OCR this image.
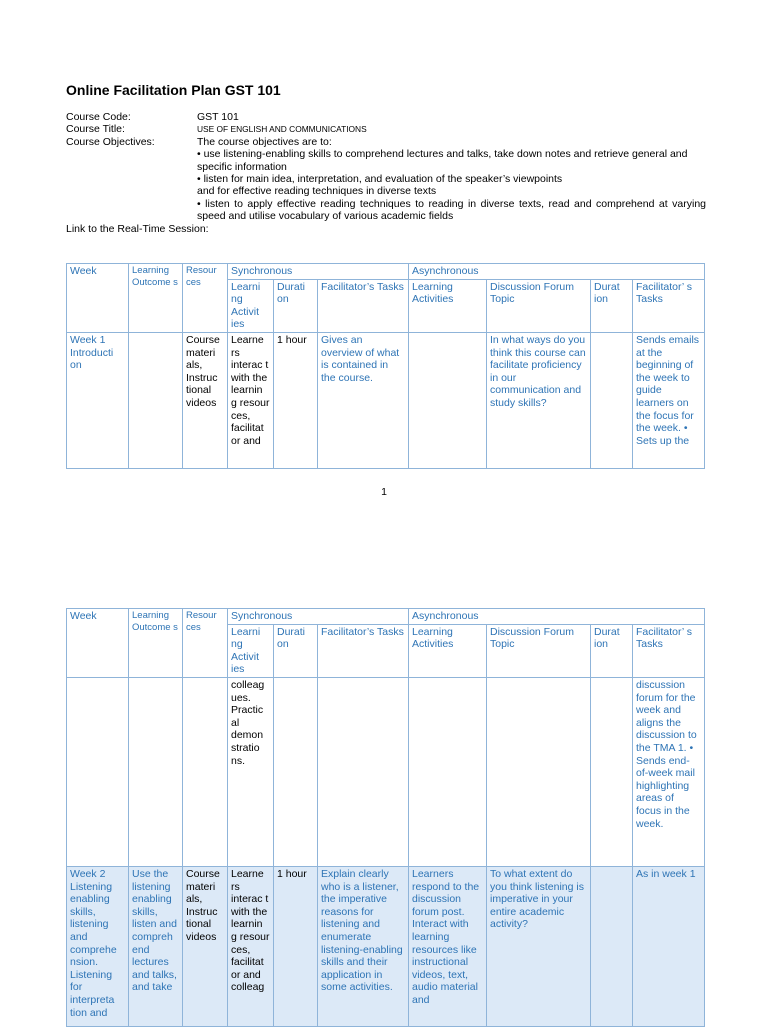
Online Facilitation Plan GST 101
Course Code:	GST 101
Course Title:	USE OF ENGLISH AND COMMUNICATIONS
Course Objectives:	The course objectives are to:
• use listening-enabling skills to comprehend lectures and talks, take down notes and retrieve general and specific information
• listen for main idea, interpretation, and evaluation of the speaker’s viewpoints
and for effective reading techniques in diverse texts
• listen to apply effective reading techniques to reading in diverse texts, read and comprehend at varying speed and utilise vocabulary of various academic fields
Link to the Real-Time Session:
Week	Learning Outcome s	Resour ces	Synchronous			Asynchronous			
			Learni ng Activit ies	Durati on	Facilitator’s Tasks	Learning Activities	Discussion Forum Topic	Durat ion	Facilitator’ s Tasks
Week 1 Introducti on		Course materi als, Instruc tional videos	Learne rs interac t with the learnin g resour ces, facilitat or and	1 hour	Gives an overview of what is contained in the course.		In what ways do you think this course can facilitate proficiency in our communication and study skills?		Sends emails at the beginning of the week to guide learners on the focus for the week. • Sets up the
1
Week	Learning Outcome s	Resour ces	Synchronous			Asynchronous			
			Learni ng Activit ies	Durati on	Facilitator’s Tasks	Learning Activities	Discussion Forum Topic	Durat ion	Facilitator’ s Tasks
			colleag ues. Practic al demon stratio ns.						discussion forum for the week and aligns the discussion to the TMA 1. • Sends end-of-week mail highlighting areas of focus in the week.
Week 2 Listening enabling skills, listening and comprehe nsion. Listening for interpreta tion and	Use the listening enabling skills, listen and compreh end lectures and talks, and take	Course materi als, Instruc tional videos	Learne rs interac t with the learnin g resour ces, facilitat or and colleag	1 hour	Explain clearly who is a listener, the imperative reasons for listening and enumerate listening-enabling skills and their application in some activities.	Learners respond to the discussion forum post. Interact with learning resources like instructional videos, text, audio material and	To what extent do you think listening is imperative in your entire academic activity?		As in week 1
